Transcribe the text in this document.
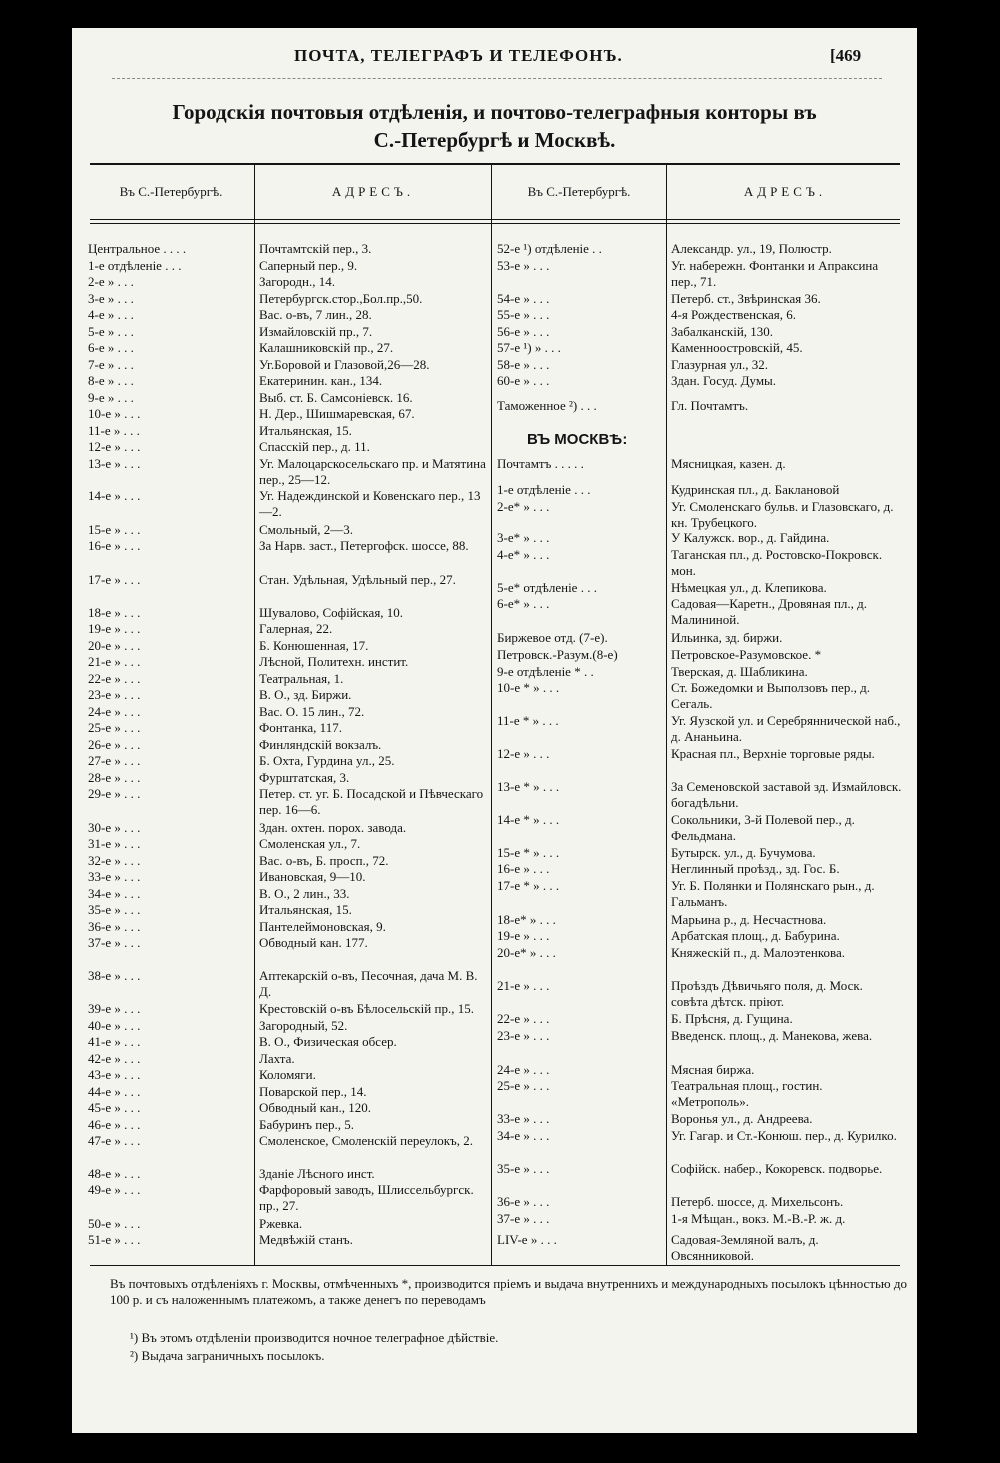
ПОЧТА, ТЕЛЕГРАФЪ И ТЕЛЕФОНЪ.	[469
Городскія почтовыя отдѣленія, и почтово-телеграфныя конторы въ
С.-Петербургѣ и Москвѣ.
Въ С.-Петербургѣ.	АДРЕСЪ.	Въ С.-Петербургѣ.	АДРЕСЪ.
Центральное . . . .	Почтамтскій пер., 3.
1-е отдѣленіе . . .	Саперный пер., 9.
2-е » . . .	Загородн., 14.
3-е » . . .	Петербургск.стор.,Бол.пр.,50.
4-е » . . .	Вас. о-въ, 7 лин., 28.
5-е » . . .	Измайловскій пр., 7.
6-е » . . .	Калашниковскій пр., 27.
7-е » . . .	Уг.Боровой и Глазовой,26—28.
8-е » . . .	Екатеринин. кан., 134.
9-е » . . .	Выб. ст. Б. Самсоніевск. 16.
10-е » . . .	Н. Дер., Шишмаревская, 67.
11-е » . . .	Итальянская, 15.
12-е » . . .	Спасскій пер., д. 11.
13-е » . . .	Уг. Малоцарскосельскаго пр. и Матятина пер., 25—12.
14-е » . . .	Уг. Надеждинской и Ковенскаго пер., 13—2.
15-е » . . .	Смольный, 2—3.
16-е » . . .	За Нарв. заст., Петергофск. шоссе, 88.
17-е » . . .	Стан. Удѣльная, Удѣльный пер., 27.
18-е » . . .	Шувалово, Софійская, 10.
19-е » . . .	Галерная, 22.
20-е » . . .	Б. Конюшенная, 17.
21-е » . . .	Лѣсной, Политехн. инстит.
22-е » . . .	Театральная, 1.
23-е » . . .	В. О., зд. Биржи.
24-е » . . .	Вас. О. 15 лин., 72.
25-е » . . .	Фонтанка, 117.
26-е » . . .	Финляндскій вокзалъ.
27-е » . . .	Б. Охта, Гурдина ул., 25.
28-е » . . .	Фурштатская, 3.
29-е » . . .	Петер. ст. уг. Б. Посадской и Пѣвческаго пер. 16—6.
30-е » . . .	Здан. охтен. порох. завода.
31-е » . . .	Смоленская ул., 7.
32-е » . . .	Вас. о-въ, Б. просп., 72.
33-е » . . .	Ивановская, 9—10.
34-е » . . .	В. О., 2 лин., 33.
35-е » . . .	Итальянская, 15.
36-е » . . .	Пантелеймоновская, 9.
37-е » . . .	Обводный кан. 177.
38-е » . . .	Аптекарскій о-въ, Песочная, дача М. В. Д.
39-е » . . .	Крестовскій о-въ Бѣлосельскій пр., 15.
40-е » . . .	Загородный, 52.
41-е » . . .	В. О., Физическая обсер.
42-е » . . .	Лахта.
43-е » . . .	Коломяги.
44-е » . . .	Поварской пер., 14.
45-е » . . .	Обводный кан., 120.
46-е » . . .	Бабуринъ пер., 5.
47-е » . . .	Смоленское, Смоленскій переулокъ, 2.
48-е » . . .	Зданіе Лѣсного инст.
49-е » . . .	Фарфоровый заводъ, Шлиссельбургск. пр., 27.
50-е » . . .	Ржевка.
51-е » . . .	Медвѣжій станъ.
52-е ¹) отдѣленіе . .	Александр. ул., 19, Полюстр.
53-е » . . .	Уг. набережн. Фонтанки и Апраксина пер., 71.
54-е » . . .	Петерб. ст., Звѣринская 36.
55-е » . . .	4-я Рождественская, 6.
56-е » . . .	Забалканскій, 130.
57-е ¹) » . . .	Каменноостровскій, 45.
58-е » . . .	Глазурная ул., 32.
60-е » . . .	Здан. Госуд. Думы.
Таможенное ²) . . .	Гл. Почтамтъ.
ВЪ МОСКВѢ:
Почтамтъ . . . . .	Мясницкая, казен. д.
1-е отдѣленіе . . .	Кудринская пл., д. Бакланoвой
2-е* » . . .	Уг. Смоленскаго бульв. и Глазовскаго, д. кн. Трубецкого.
3-е* » . . .	У Калужск. вор., д. Гайдина.
4-е* » . . .	Таганская пл., д. Ростовско-Покровск. мон.
5-е* отдѣленіе . . .	Нѣмецкая ул., д. Клепикова.
6-е* » . . .	Садовая—Каретн., Дровяная пл., д. Малининой.
Биржевое отд. (7-е).	Ильинка, зд. биржи.
Петровск.-Разум.(8-е)	Петровское-Разумовское. *
9-е отдѣленіе * . .	Тверская, д. Шабликина.
10-е * » . . .	Ст. Божедомки и Выползовъ пер., д. Сегаль.
11-е * » . . .	Уг. Яузской ул. и Серебряннической наб., д. Ананьина.
12-е » . . .	Красная пл., Верхніе торговые ряды.
13-е * » . . .	За Семеновской заставой зд. Измайловск. богадѣльни.
14-е * » . . .	Сокольники, 3-й Полевой пер., д. Фельдмана.
15-е * » . . .	Бутырск. ул., д. Бучумова.
16-е » . . .	Неглинный проѣзд., зд. Гос. Б.
17-е * » . . .	Уг. Б. Полянки и Полянскаго рын., д. Гальманъ.
18-е* » . . .	Марьина р., д. Несчастнова.
19-е » . . .	Арбатская площ., д. Бабурина.
20-е* » . . .	Княжескій п., д. Малоэтенкова.
21-е » . . .	Проѣздъ Дѣвичьяго поля, д. Моск. совѣта дѣтск. пріют.
22-е » . . .	Б. Прѣсня, д. Гущина.
23-е » . . .	Введенск. площ., д. Манекова, жева.
24-е » . . .	Мясная биржа.
25-е » . . .	Театральная площ., гостин. «Метрополь».
33-е » . . .	Воронья ул., д. Андреева.
34-е » . . .	Уг. Гагар. и Ст.-Конюш. пер., д. Курилко.
35-е » . . .	Софійск. набер., Кокоревск. подворье.
36-е » . . .	Петерб. шоссе, д. Михельсонъ.
37-е » . . .	1-я Мѣщан., вокз. М.-В.-Р. ж. д.
LIV-е » . . .	Садовая-Земляной валъ, д. Овсянниковой.
Въ почтовыхъ отдѣленіяхъ г. Москвы, отмѣченныхъ *, производится пріемъ и выдача внутреннихъ и международныхъ посылокъ цѣнностью до 100 р. и съ наложеннымъ платежомъ, а также денегъ по переводамъ
¹) Въ этомъ отдѣленіи производится ночное телеграфное дѣйствіе.
²) Выдача заграничныхъ посылокъ.
